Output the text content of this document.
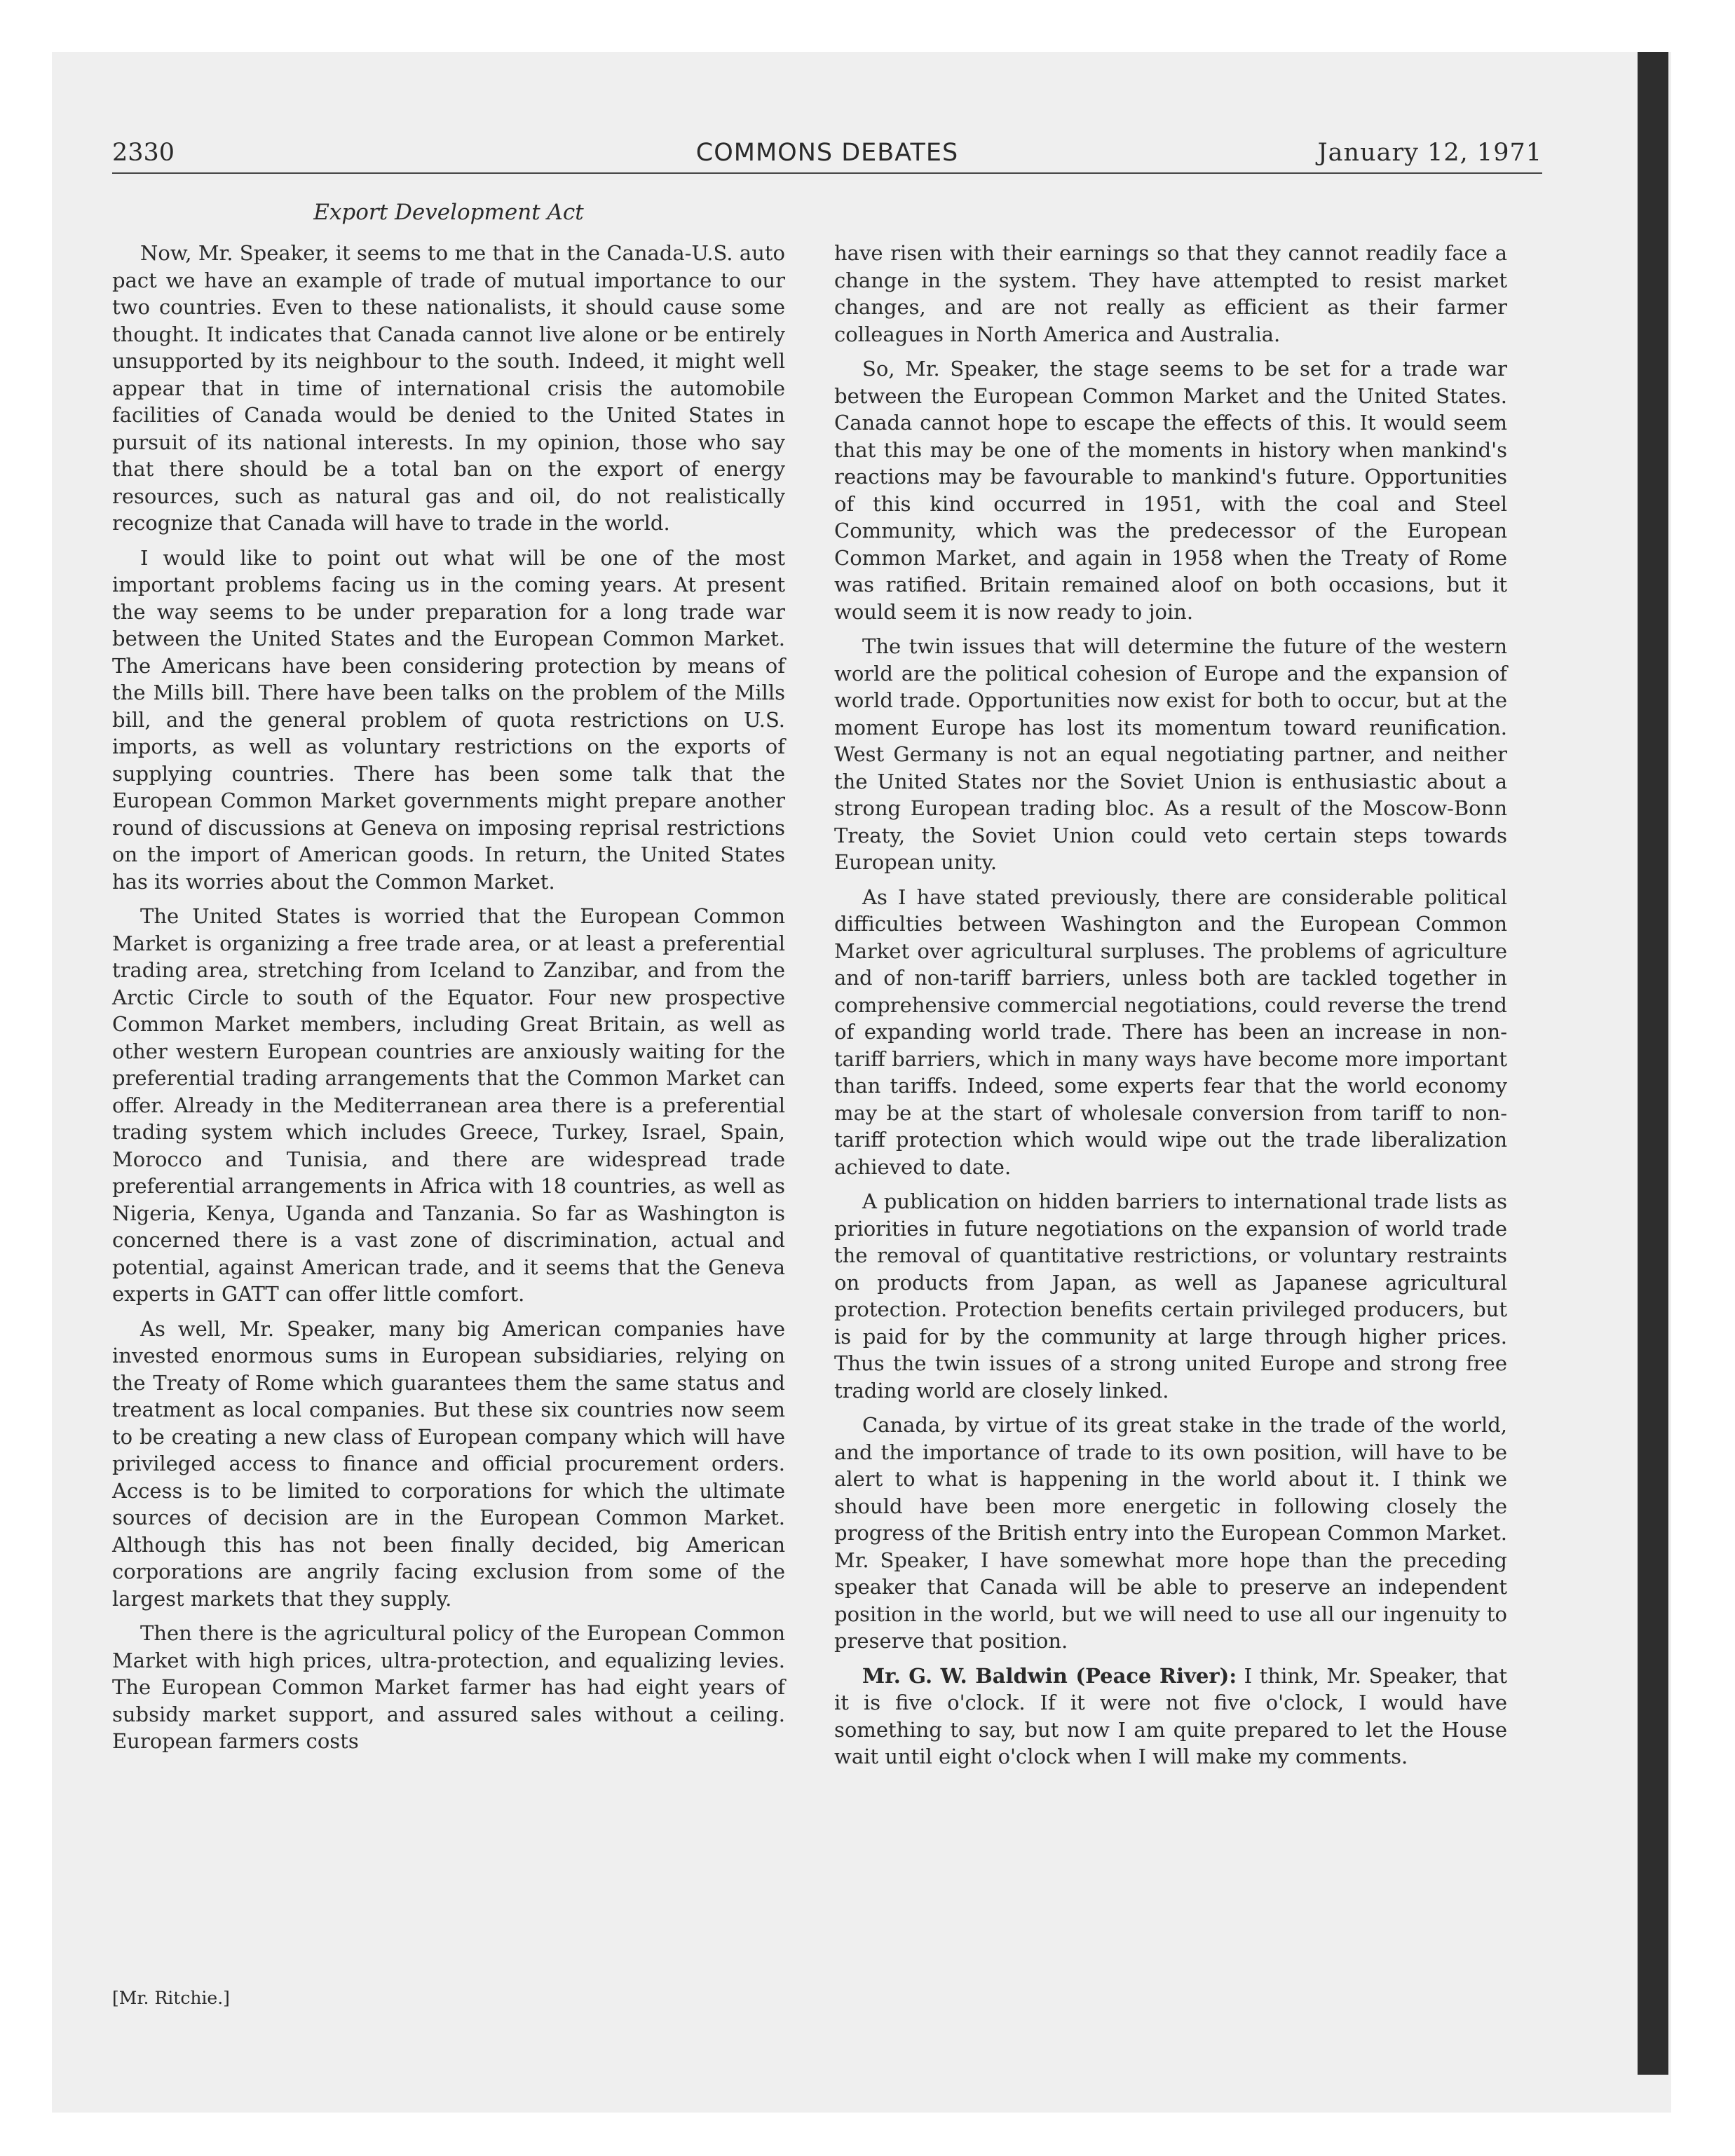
2330	COMMONS DEBATES	January 12, 1971
Export Development Act

Now, Mr. Speaker, it seems to me that in the Canada-U.S. auto pact we have an example of trade of mutual importance to our two countries. Even to these nationalists, it should cause some thought. It indicates that Canada cannot live alone or be entirely unsupported by its neighbour to the south. Indeed, it might well appear that in time of international crisis the automobile facilities of Canada would be denied to the United States in pursuit of its national interests. In my opinion, those who say that there should be a total ban on the export of energy resources, such as natural gas and oil, do not realistically recognize that Canada will have to trade in the world.

I would like to point out what will be one of the most important problems facing us in the coming years. At present the way seems to be under preparation for a long trade war between the United States and the European Common Market. The Americans have been considering protection by means of the Mills bill. There have been talks on the problem of the Mills bill, and the general problem of quota restrictions on U.S. imports, as well as voluntary restrictions on the exports of supplying countries. There has been some talk that the European Common Market governments might prepare another round of discussions at Geneva on imposing reprisal restrictions on the import of American goods. In return, the United States has its worries about the Common Market.

The United States is worried that the European Common Market is organizing a free trade area, or at least a preferential trading area, stretching from Iceland to Zanzibar, and from the Arctic Circle to south of the Equator. Four new prospective Common Market members, including Great Britain, as well as other western European countries are anxiously waiting for the preferential trading arrangements that the Common Market can offer. Already in the Mediterranean area there is a preferential trading system which includes Greece, Turkey, Israel, Spain, Morocco and Tunisia, and there are widespread trade preferential arrangements in Africa with 18 countries, as well as Nigeria, Kenya, Uganda and Tanzania. So far as Washington is concerned there is a vast zone of discrimination, actual and potential, against American trade, and it seems that the Geneva experts in GATT can offer little comfort.

As well, Mr. Speaker, many big American companies have invested enormous sums in European subsidiaries, relying on the Treaty of Rome which guarantees them the same status and treatment as local companies. But these six countries now seem to be creating a new class of European company which will have privileged access to finance and official procurement orders. Access is to be limited to corporations for which the ultimate sources of decision are in the European Common Market. Although this has not been finally decided, big American corporations are angrily facing exclusion from some of the largest markets that they supply.

Then there is the agricultural policy of the European Common Market with high prices, ultra-protection, and equalizing levies. The European Common Market farmer has had eight years of subsidy market support, and assured sales without a ceiling. European farmers costs

have risen with their earnings so that they cannot readily face a change in the system. They have attempted to resist market changes, and are not really as efficient as their farmer colleagues in North America and Australia.

So, Mr. Speaker, the stage seems to be set for a trade war between the European Common Market and the United States. Canada cannot hope to escape the effects of this. It would seem that this may be one of the moments in history when mankind's reactions may be favourable to mankind's future. Opportunities of this kind occurred in 1951, with the coal and Steel Community, which was the predecessor of the European Common Market, and again in 1958 when the Treaty of Rome was ratified. Britain remained aloof on both occasions, but it would seem it is now ready to join.

The twin issues that will determine the future of the western world are the political cohesion of Europe and the expansion of world trade. Opportunities now exist for both to occur, but at the moment Europe has lost its momentum toward reunification. West Germany is not an equal negotiating partner, and neither the United States nor the Soviet Union is enthusiastic about a strong European trading bloc. As a result of the Moscow-Bonn Treaty, the Soviet Union could veto certain steps towards European unity.

As I have stated previously, there are considerable political difficulties between Washington and the European Common Market over agricultural surpluses. The problems of agriculture and of non-tariff barriers, unless both are tackled together in comprehensive commercial negotiations, could reverse the trend of expanding world trade. There has been an increase in non-tariff barriers, which in many ways have become more important than tariffs. Indeed, some experts fear that the world economy may be at the start of wholesale conversion from tariff to non-tariff protection which would wipe out the trade liberalization achieved to date.

A publication on hidden barriers to international trade lists as priorities in future negotiations on the expansion of world trade the removal of quantitative restrictions, or voluntary restraints on products from Japan, as well as Japanese agricultural protection. Protection benefits certain privileged producers, but is paid for by the community at large through higher prices. Thus the twin issues of a strong united Europe and strong free trading world are closely linked.

Canada, by virtue of its great stake in the trade of the world, and the importance of trade to its own position, will have to be alert to what is happening in the world about it. I think we should have been more energetic in following closely the progress of the British entry into the European Common Market. Mr. Speaker, I have somewhat more hope than the preceding speaker that Canada will be able to preserve an independent position in the world, but we will need to use all our ingenuity to preserve that position.

Mr. G. W. Baldwin (Peace River): I think, Mr. Speaker, that it is five o'clock. If it were not five o'clock, I would have something to say, but now I am quite prepared to let the House wait until eight o'clock when I will make my comments.

[Mr. Ritchie.]
